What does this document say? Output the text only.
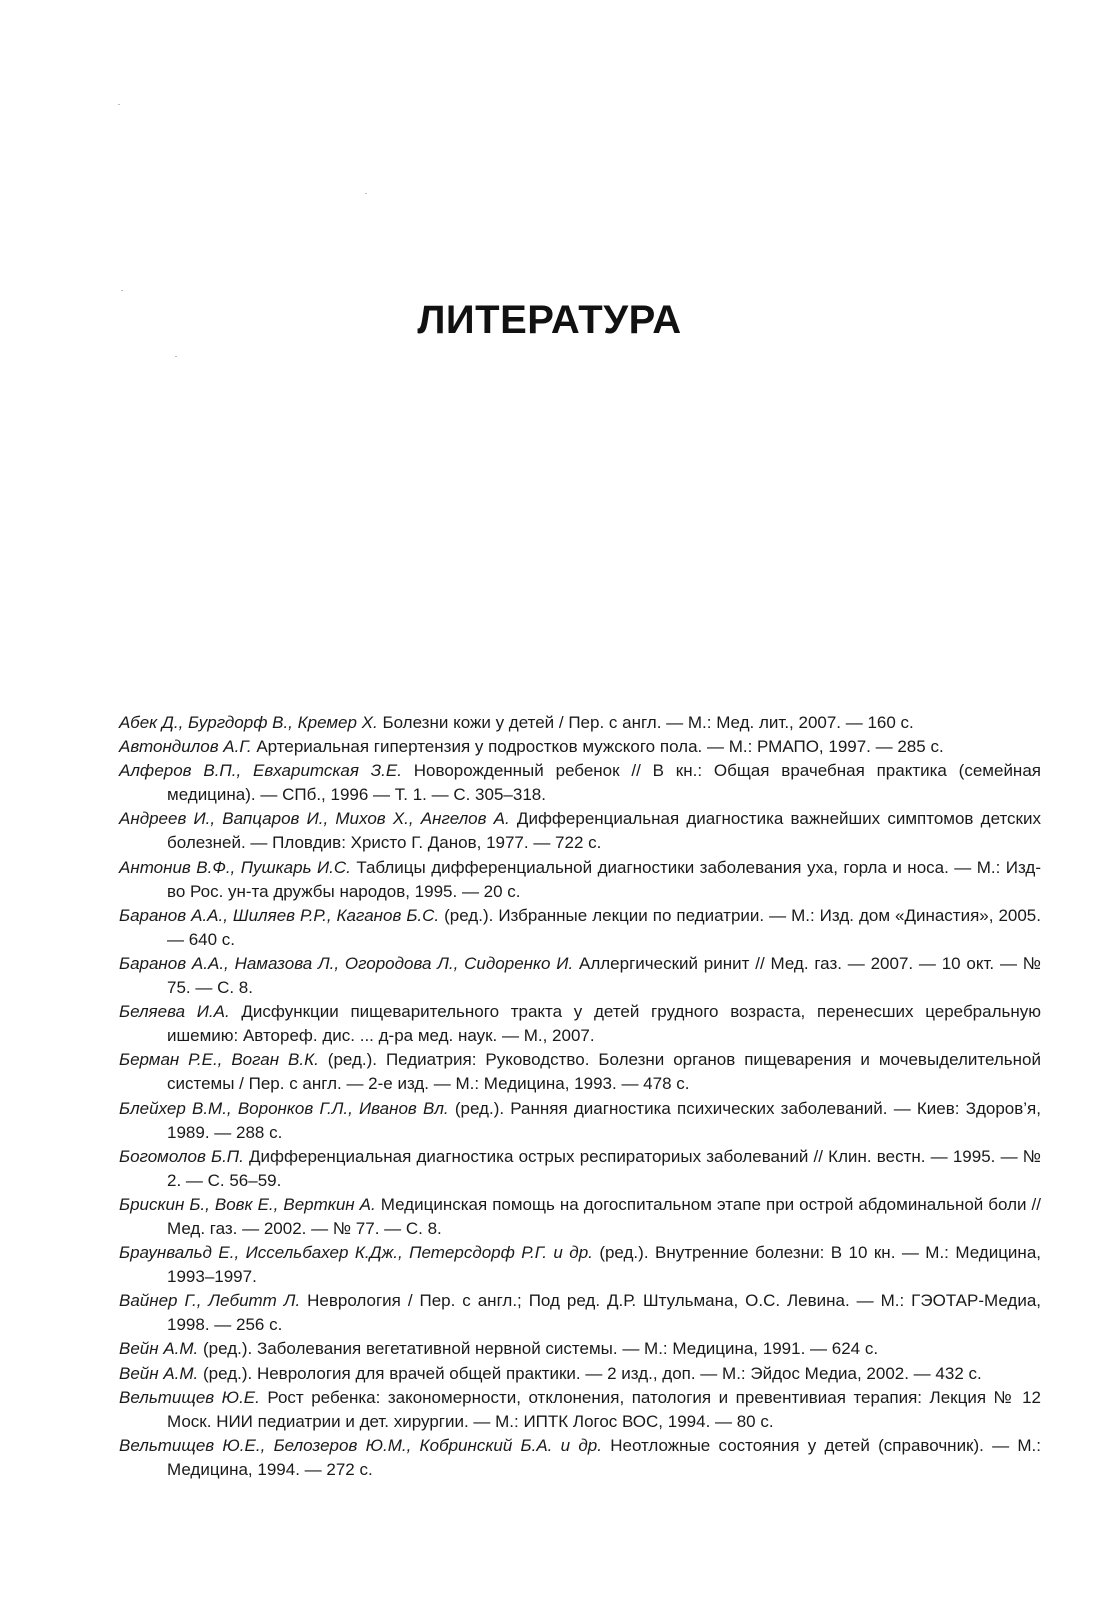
ЛИТЕРАТУРА
Абек Д., Бургдорф В., Кремер Х. Болезни кожи у детей / Пер. с англ. — М.: Мед. лит., 2007. — 160 с.
Автондилов А.Г. Артериальная гипертензия у подростков мужского пола. — М.: РМАПО, 1997. — 285 с.
Алферов В.П., Евхаритская З.Е. Новорожденный ребенок // В кн.: Общая врачебная практика (семейная медицина). — СПб., 1996 — Т. 1. — С. 305–318.
Андреев И., Вапцаров И., Михов Х., Ангелов А. Дифференциальная диагностика важнейших симптомов детских болезней. — Пловдив: Христо Г. Данов, 1977. — 722 с.
Антонив В.Ф., Пушкарь И.С. Таблицы дифференциальной диагностики заболевания уха, горла и носа. — М.: Изд-во Рос. ун-та дружбы народов, 1995. — 20 с.
Баранов А.А., Шиляев Р.Р., Каганов Б.С. (ред.). Избранные лекции по педиатрии. — М.: Изд. дом «Династия», 2005. — 640 с.
Баранов А.А., Намазова Л., Огородова Л., Сидоренко И. Аллергический ринит // Мед. газ. — 2007. — 10 окт. — № 75. — С. 8.
Беляева И.А. Дисфункции пищеварительного тракта у детей грудного возраста, перенесших церебральную ишемию: Автореф. дис. ... д-ра мед. наук. — М., 2007.
Берман Р.Е., Воган В.К. (ред.). Педиатрия: Руководство. Болезни органов пищеварения и мочевыделительной системы / Пер. с англ. — 2-е изд. — М.: Медицина, 1993. — 478 с.
Блейхер В.М., Воронков Г.Л., Иванов Вл. (ред.). Ранняя диагностика психических заболеваний. — Киев: Здоров’я, 1989. — 288 с.
Богомолов Б.П. Дифференциальная диагностика острых респираториых заболеваний // Клин. вестн. — 1995. — № 2. — С. 56–59.
Брискин Б., Вовк Е., Верткин А. Медицинская помощь на догоспитальном этапе при острой абдоминальной боли // Мед. газ. — 2002. — № 77. — С. 8.
Браунвальд Е., Иссельбахер К.Дж., Петерсдорф Р.Г. и др. (ред.). Внутренние болезни: В 10 кн. — М.: Медицина, 1993–1997.
Вайнер Г., Лебитт Л. Неврология / Пер. с англ.; Под ред. Д.Р. Штульмана, О.С. Левина. — М.: ГЭОТАР-Медиа, 1998. — 256 с.
Вейн А.М. (ред.). Заболевания вегетативной нервной системы. — М.: Медицина, 1991. — 624 с.
Вейн А.М. (ред.). Неврология для врачей общей практики. — 2 изд., доп. — М.: Эйдос Медиа, 2002. — 432 с.
Вельтищев Ю.Е. Рост ребенка: закономерности, отклонения, патология и превентивиая терапия: Лекция № 12 Моск. НИИ педиатрии и дет. хирургии. — М.: ИПТК Логос ВОС, 1994. — 80 с.
Вельтищев Ю.Е., Белозеров Ю.М., Кобринский Б.А. и др. Неотложные состояния у детей (справочник). — М.: Медицина, 1994. — 272 с.
